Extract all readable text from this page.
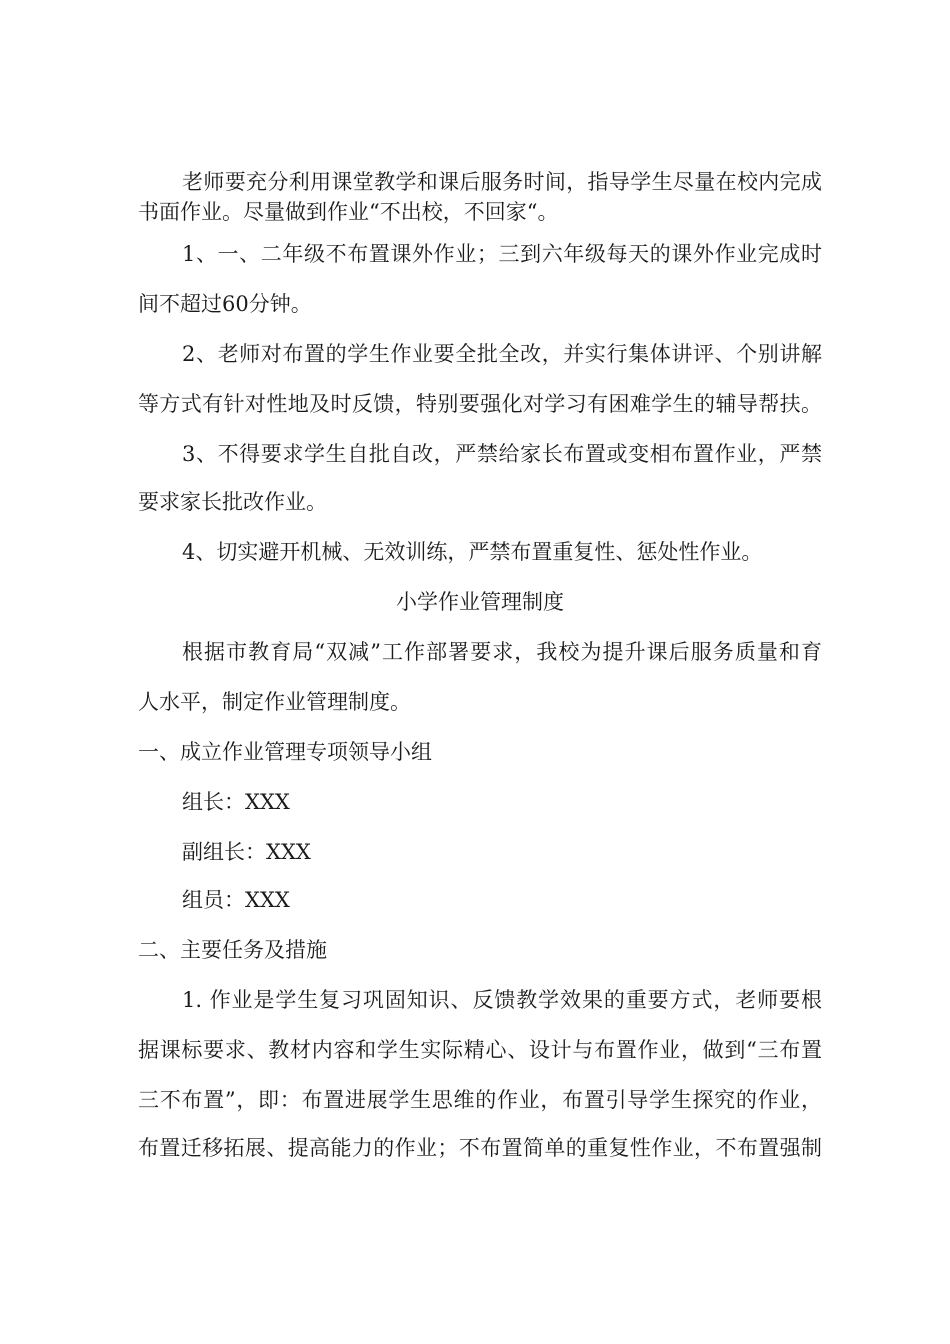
老师要充分利用课堂教学和课后服务时间，指导学生尽量在校内完成
书面作业。尽量做到作业“不出校，不回家“。
1、一、二年级不布置课外作业；三到六年级每天的课外作业完成时
间不超过60分钟。
2、老师对布置的学生作业要全批全改，并实行集体讲评、个别讲解
等方式有针对性地及时反馈，特别要强化对学习有困难学生的辅导帮扶。
3、不得要求学生自批自改，严禁给家长布置或变相布置作业，严禁
要求家长批改作业。
4、切实避开机械、无效训练，严禁布置重复性、惩处性作业。
小学作业管理制度
根据市教育局“双减”工作部署要求，我校为提升课后服务质量和育
人水平，制定作业管理制度。
一、成立作业管理专项领导小组
组长：XXX
副组长：XXX
组员：XXX
二、主要任务及措施
1. 作业是学生复习巩固知识、反馈教学效果的重要方式，老师要根
据课标要求、教材内容和学生实际精心、设计与布置作业，做到“三布置
三不布置”，即：布置进展学生思维的作业，布置引导学生探究的作业，
布置迁移拓展、提高能力的作业；不布置简单的重复性作业，不布置强制
